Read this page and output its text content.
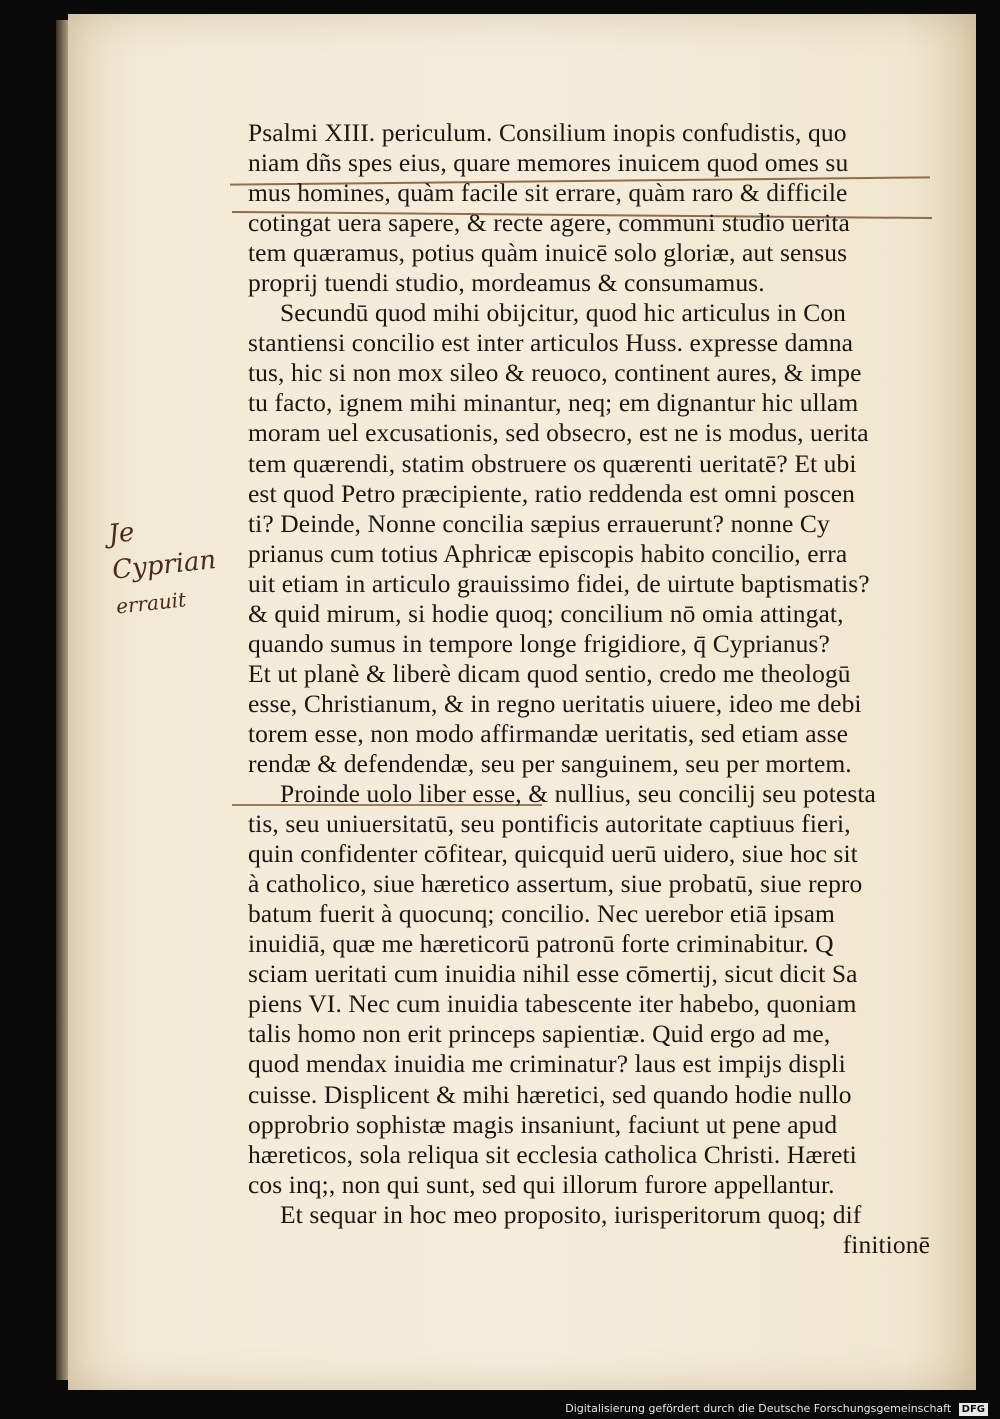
Je
Cyprian
errauit
Psalmi XIII. periculum. Consilium inopis confudistis, quo
niam dñs spes eius, quare memores inuicem quod omes su
mus homines, quàm facile sit errare, quàm raro & difficile
cotingat uera sapere, & recte agere, communi studio uerita
tem quæramus, potius quàm inuicē solo gloriæ, aut sensus
proprij tuendi studio, mordeamus & consumamus.
Secundū quod mihi obijcitur, quod hic articulus in Con
stantiensi concilio est inter articulos Huss. expresse damna
tus, hic si non mox sileo & reuoco, continent aures, & impe
tu facto, ignem mihi minantur, neq; em dignantur hic ullam
moram uel excusationis, sed obsecro, est ne is modus, uerita
tem quærendi, statim obstruere os quærenti ueritatē? Et ubi
est quod Petro præcipiente, ratio reddenda est omni poscen
ti? Deinde, Nonne concilia sæpius errauerunt? nonne Cy
prianus cum totius Aphricæ episcopis habito concilio, erra
uit etiam in articulo grauissimo fidei, de uirtute baptismatis?
& quid mirum, si hodie quoq; concilium nō omia attingat,
quando sumus in tempore longe frigidiore, q̄ Cyprianus?
Et ut planè & liberè dicam quod sentio, credo me theologū
esse, Christianum, & in regno ueritatis uiuere, ideo me debi
torem esse, non modo affirmandæ ueritatis, sed etiam asse
rendæ & defendendæ, seu per sanguinem, seu per mortem.
Proinde uolo liber esse, & nullius, seu concilij seu potesta
tis, seu uniuersitatū, seu pontificis autoritate captiuus fieri,
quin confidenter cōfitear, quicquid uerū uidero, siue hoc sit
à catholico, siue hæretico assertum, siue probatū, siue repro
batum fuerit à quocunq; concilio. Nec uerebor etiā ipsam
inuidiā, quæ me hæreticorū patronū forte criminabitur. Q
sciam ueritati cum inuidia nihil esse cōmertij, sicut dicit Sa
piens VI. Nec cum inuidia tabescente iter habebo, quoniam
talis homo non erit princeps sapientiæ. Quid ergo ad me,
quod mendax inuidia me criminatur? laus est impijs displi
cuisse. Displicent & mihi hæretici, sed quando hodie nullo
opprobrio sophistæ magis insaniunt, faciunt ut pene apud
hæreticos, sola reliqua sit ecclesia catholica Christi. Hæreti
cos inq;, non qui sunt, sed qui illorum furore appellantur.
Et sequar in hoc meo proposito, iurisperitorum quoq; dif
finitionē
Digitalisierung gefördert durch die Deutsche Forschungsgemeinschaft DFG
